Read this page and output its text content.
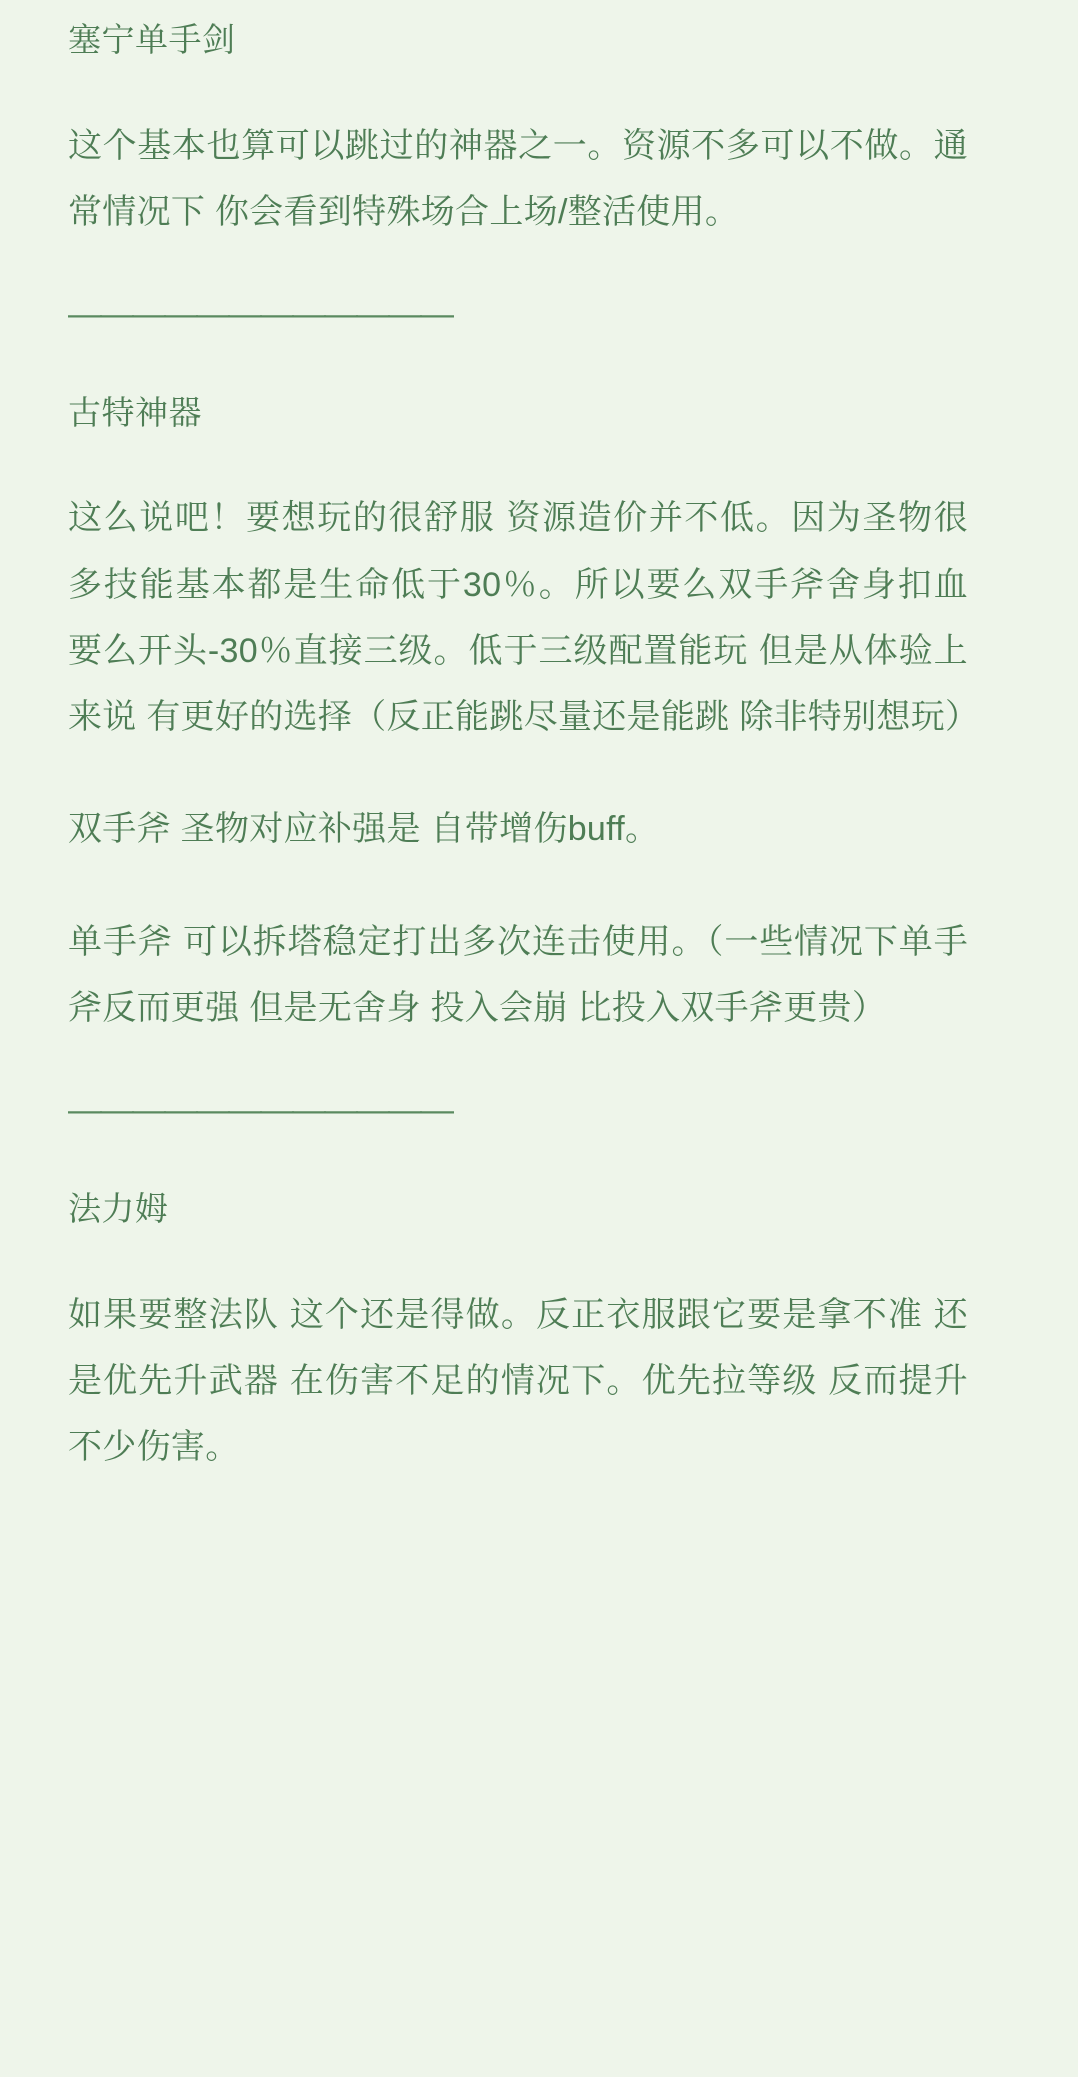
塞宁单手剑

这个基本也算可以跳过的神器之一。资源不多可以不做。通常情况下 你会看到特殊场合上场/整活使用。

————————————
古特神器

这么说吧！要想玩的很舒服 资源造价并不低。因为圣物很多技能基本都是生命低于30％。所以要么双手斧舍身扣血 要么开头-30％直接三级。低于三级配置能玩 但是从体验上来说 有更好的选择（反正能跳尽量还是能跳 除非特别想玩）

双手斧 圣物对应补强是 自带增伤buff。

单手斧 可以拆塔稳定打出多次连击使用。（一些情况下单手斧反而更强 但是无舍身 投入会崩 比投入双手斧更贵）

————————————
法力姆

如果要整法队 这个还是得做。反正衣服跟它要是拿不准 还是优先升武器 在伤害不足的情况下。优先拉等级 反而提升不少伤害。
